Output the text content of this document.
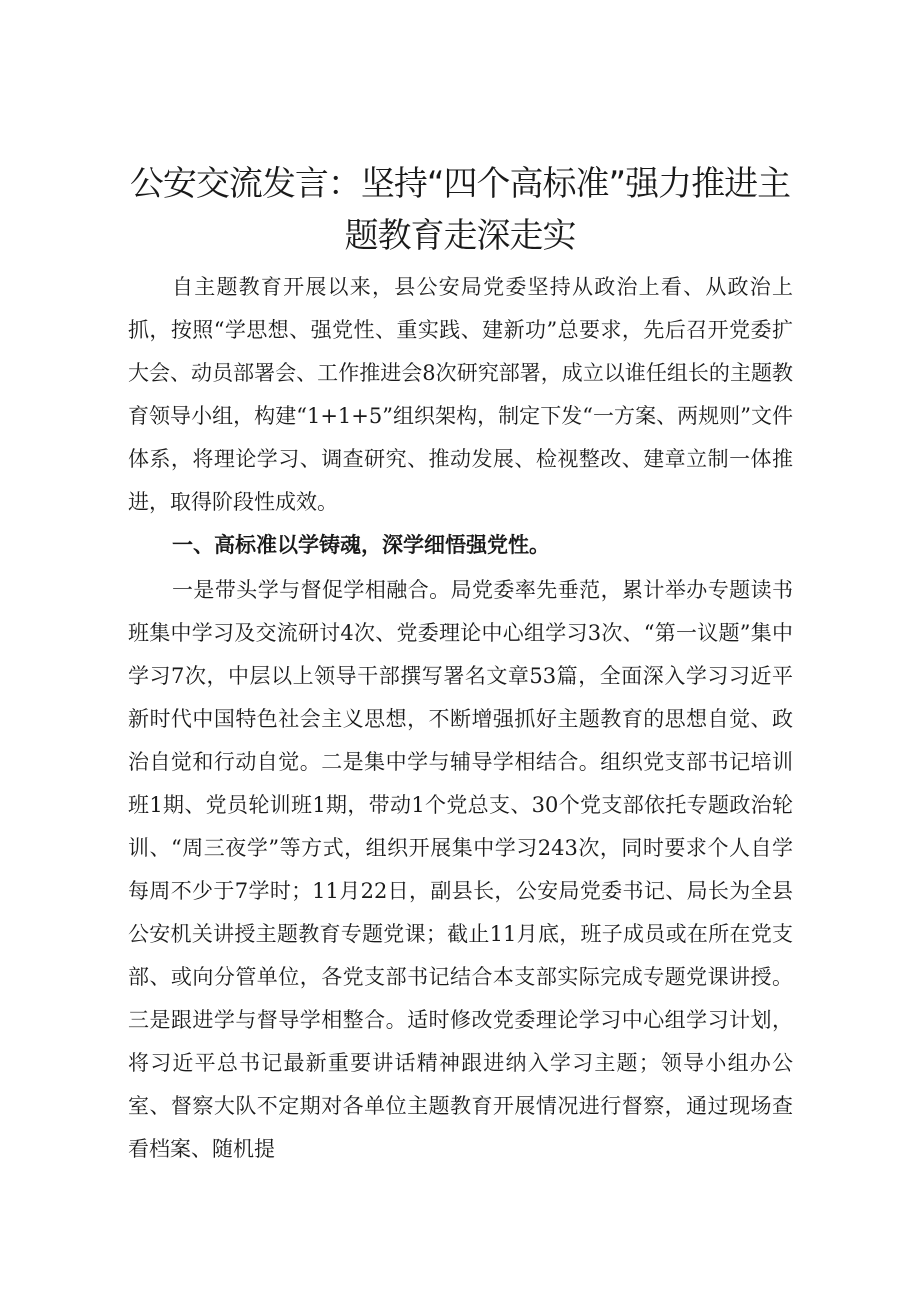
公安交流发言：坚持“四个高标准”强力推进主
题教育走深走实

自主题教育开展以来，县公安局党委坚持从政治上看、从政治上抓，按照“学思想、强党性、重实践、建新功”总要求，先后召开党委扩大会、动员部署会、工作推进会8次研究部署，成立以谁任组长的主题教育领导小组，构建“1+1+5”组织架构，制定下发“一方案、两规则”文件体系，将理论学习、调查研究、推动发展、检视整改、建章立制一体推进，取得阶段性成效。

一、高标准以学铸魂，深学细悟强党性。

一是带头学与督促学相融合。局党委率先垂范，累计举办专题读书班集中学习及交流研讨4次、党委理论中心组学习3次、“第一议题”集中学习7次，中层以上领导干部撰写署名文章53篇，全面深入学习习近平新时代中国特色社会主义思想，不断增强抓好主题教育的思想自觉、政治自觉和行动自觉。二是集中学与辅导学相结合。组织党支部书记培训班1期、党员轮训班1期，带动1个党总支、30个党支部依托专题政治轮训、“周三夜学”等方式，组织开展集中学习243次，同时要求个人自学每周不少于7学时；11月22日，副县长，公安局党委书记、局长为全县公安机关讲授主题教育专题党课；截止11月底，班子成员或在所在党支部、或向分管单位，各党支部书记结合本支部实际完成专题党课讲授。三是跟进学与督导学相整合。适时修改党委理论学习中心组学习计划，将习近平总书记最新重要讲话精神跟进纳入学习主题；领导小组办公室、督察大队不定期对各单位主题教育开展情况进行督察，通过现场查看档案、随机提
